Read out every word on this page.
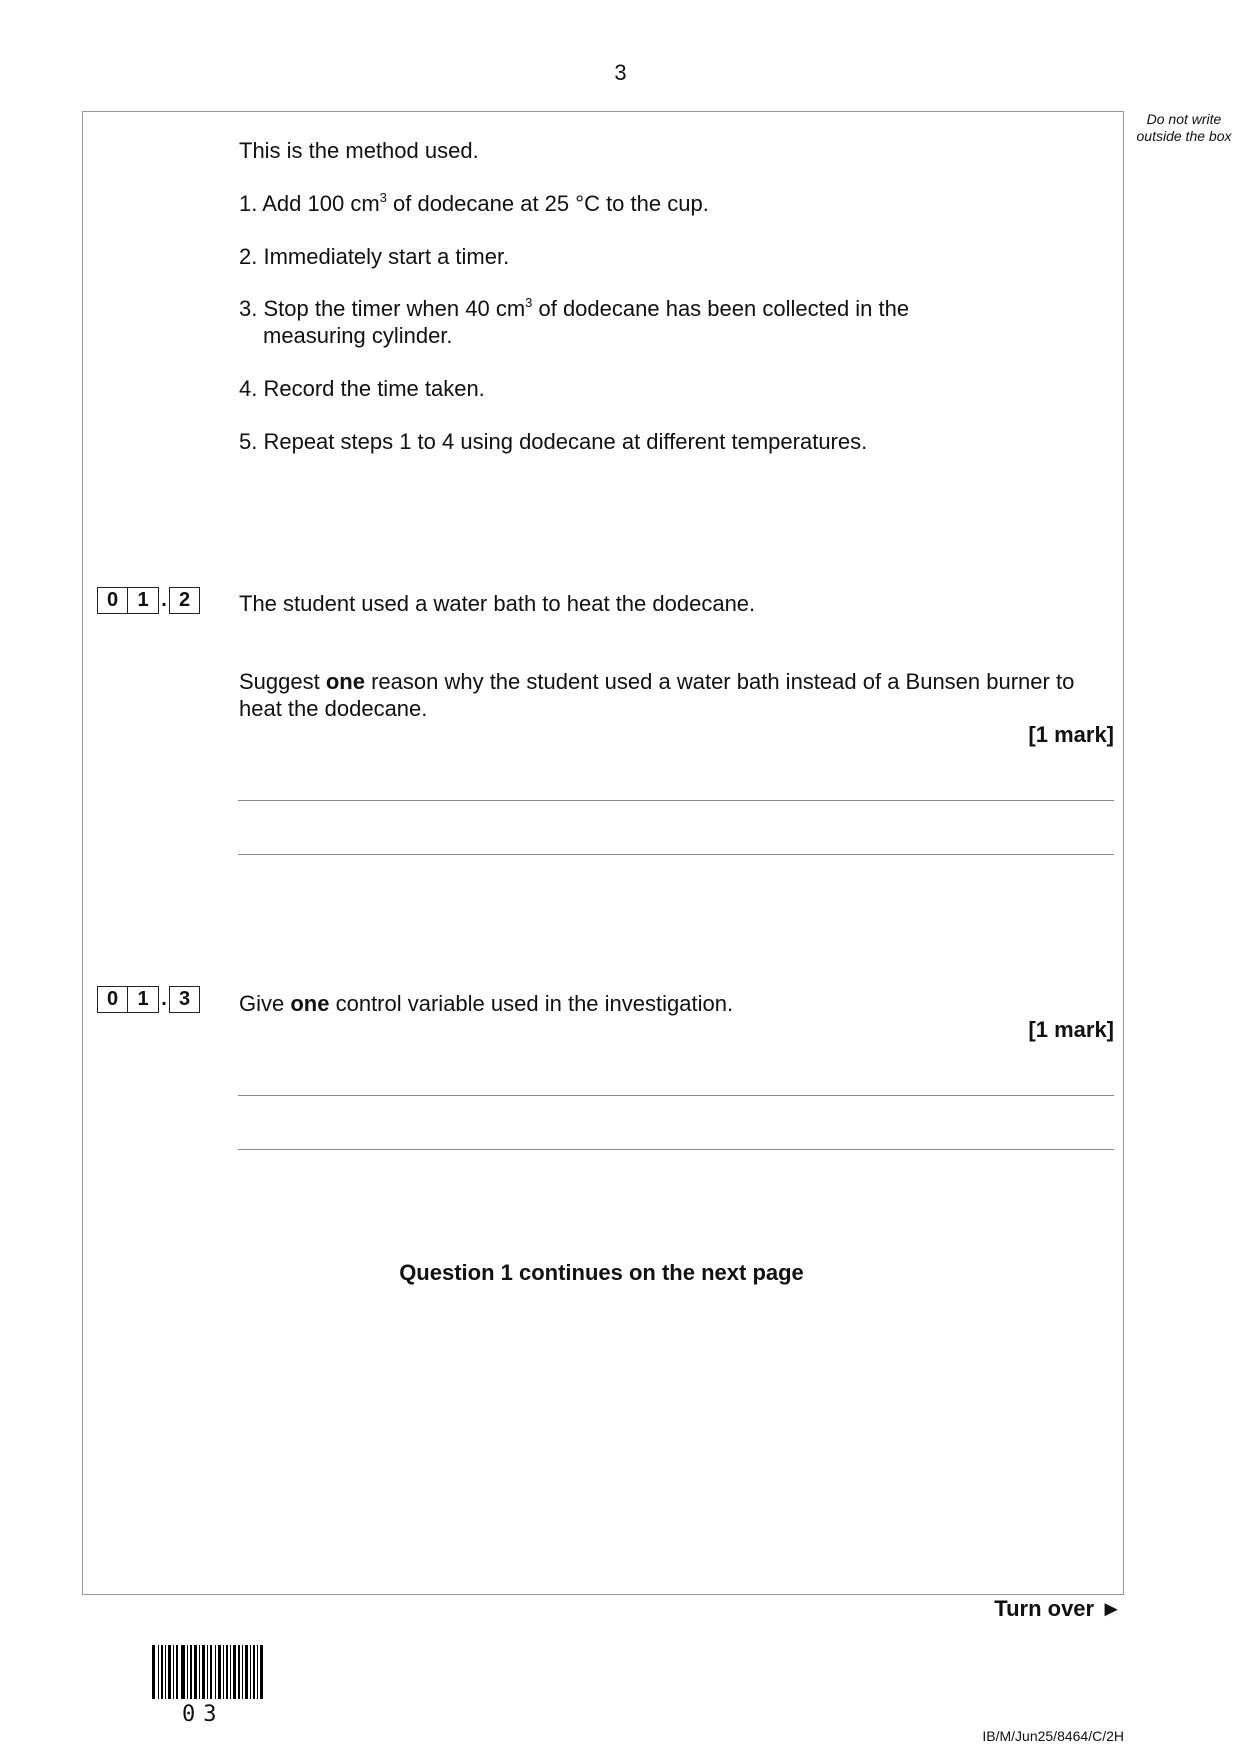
3
Do not write outside the box
This is the method used.
1. Add 100 $cm^3$ of dodecane at 25 °C to the cup.
2. Immediately start a timer.
3. Stop the timer when 40 $cm^3$ of dodecane has been collected in the
measuring cylinder.
4. Record the time taken.
5. Repeat steps 1 to 4 using dodecane at different temperatures.
0 1 . 2	The student used a water bath to heat the dodecane.
Suggest one reason why the student used a water bath instead of a Bunsen burner to
heat the dodecane.
[1 mark]
0 1 . 3	Give one control variable used in the investigation.
[1 mark]
Question 1 continues on the next page
Turn over ►
03
IB/M/Jun25/8464/C/2H
